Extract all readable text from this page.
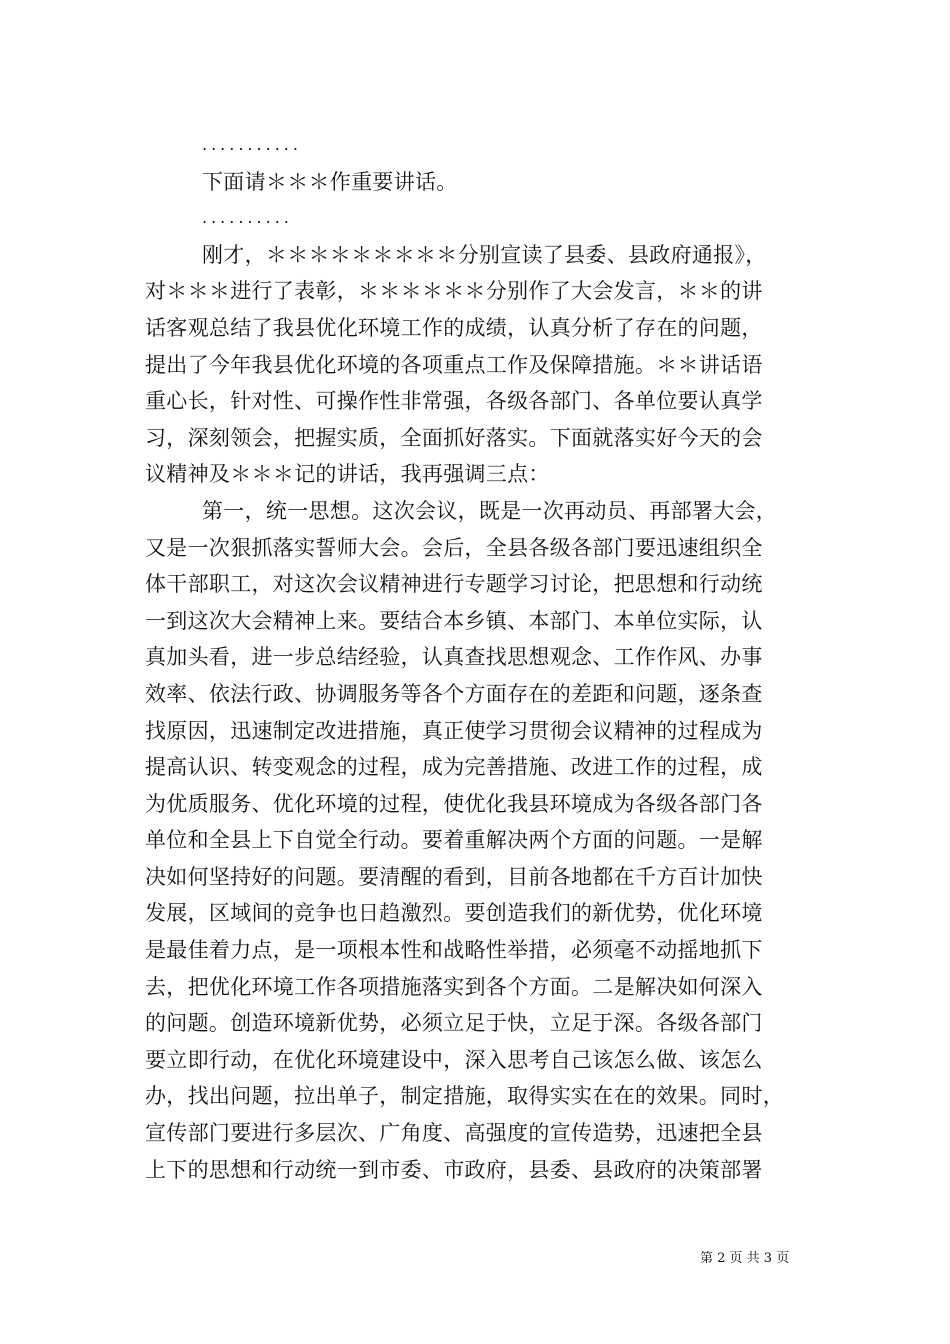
...........
下面请＊＊＊作重要讲话。
..........
刚才，＊＊＊＊＊＊＊＊＊分别宣读了县委、县政府通报》，
对＊＊＊进行了表彰，＊＊＊＊＊＊分别作了大会发言，＊＊的讲
话客观总结了我县优化环境工作的成绩，认真分析了存在的问题，
提出了今年我县优化环境的各项重点工作及保障措施。＊＊讲话语
重心长，针对性、可操作性非常强，各级各部门、各单位要认真学
习，深刻领会，把握实质，全面抓好落实。下面就落实好今天的会
议精神及＊＊＊记的讲话，我再强调三点：
第一，统一思想。这次会议，既是一次再动员、再部署大会，
又是一次狠抓落实誓师大会。会后，全县各级各部门要迅速组织全
体干部职工，对这次会议精神进行专题学习讨论，把思想和行动统
一到这次大会精神上来。要结合本乡镇、本部门、本单位实际，认
真加头看，进一步总结经验，认真查找思想观念、工作作风、办事
效率、依法行政、协调服务等各个方面存在的差距和问题，逐条查
找原因，迅速制定改进措施，真正使学习贯彻会议精神的过程成为
提高认识、转变观念的过程，成为完善措施、改进工作的过程，成
为优质服务、优化环境的过程，使优化我县环境成为各级各部门各
单位和全县上下自觉全行动。要着重解决两个方面的问题。一是解
决如何坚持好的问题。要清醒的看到，目前各地都在千方百计加快
发展，区域间的竞争也日趋激烈。要创造我们的新优势，优化环境
是最佳着力点，是一项根本性和战略性举措，必须毫不动摇地抓下
去，把优化环境工作各项措施落实到各个方面。二是解决如何深入
的问题。创造环境新优势，必须立足于快，立足于深。各级各部门
要立即行动，在优化环境建设中，深入思考自己该怎么做、该怎么
办，找出问题，拉出单子，制定措施，取得实实在在的效果。同时，
宣传部门要进行多层次、广角度、高强度的宣传造势，迅速把全县
上下的思想和行动统一到市委、市政府，县委、县政府的决策部署
第 2 页 共 3 页
